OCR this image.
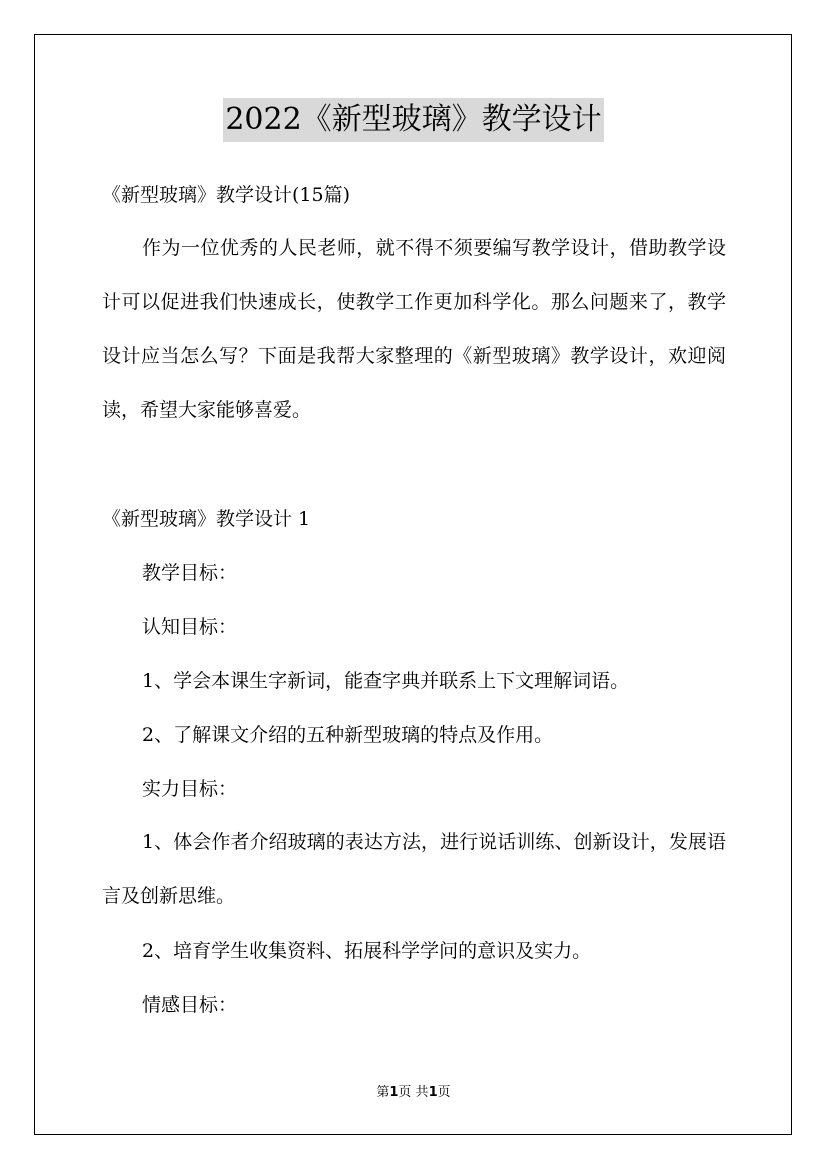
2022《新型玻璃》教学设计
《新型玻璃》教学设计(15篇)
作为一位优秀的人民老师，就不得不须要编写教学设计，借助教学设计可以促进我们快速成长，使教学工作更加科学化。那么问题来了，教学设计应当怎么写？下面是我帮大家整理的《新型玻璃》教学设计，欢迎阅读，希望大家能够喜爱。
《新型玻璃》教学设计 1
教学目标：
认知目标：
1、学会本课生字新词，能查字典并联系上下文理解词语。
2、了解课文介绍的五种新型玻璃的特点及作用。
实力目标：
1、体会作者介绍玻璃的表达方法，进行说话训练、创新设计，发展语言及创新思维。
2、培育学生收集资料、拓展科学学问的意识及实力。
情感目标：
第1页 共1页
